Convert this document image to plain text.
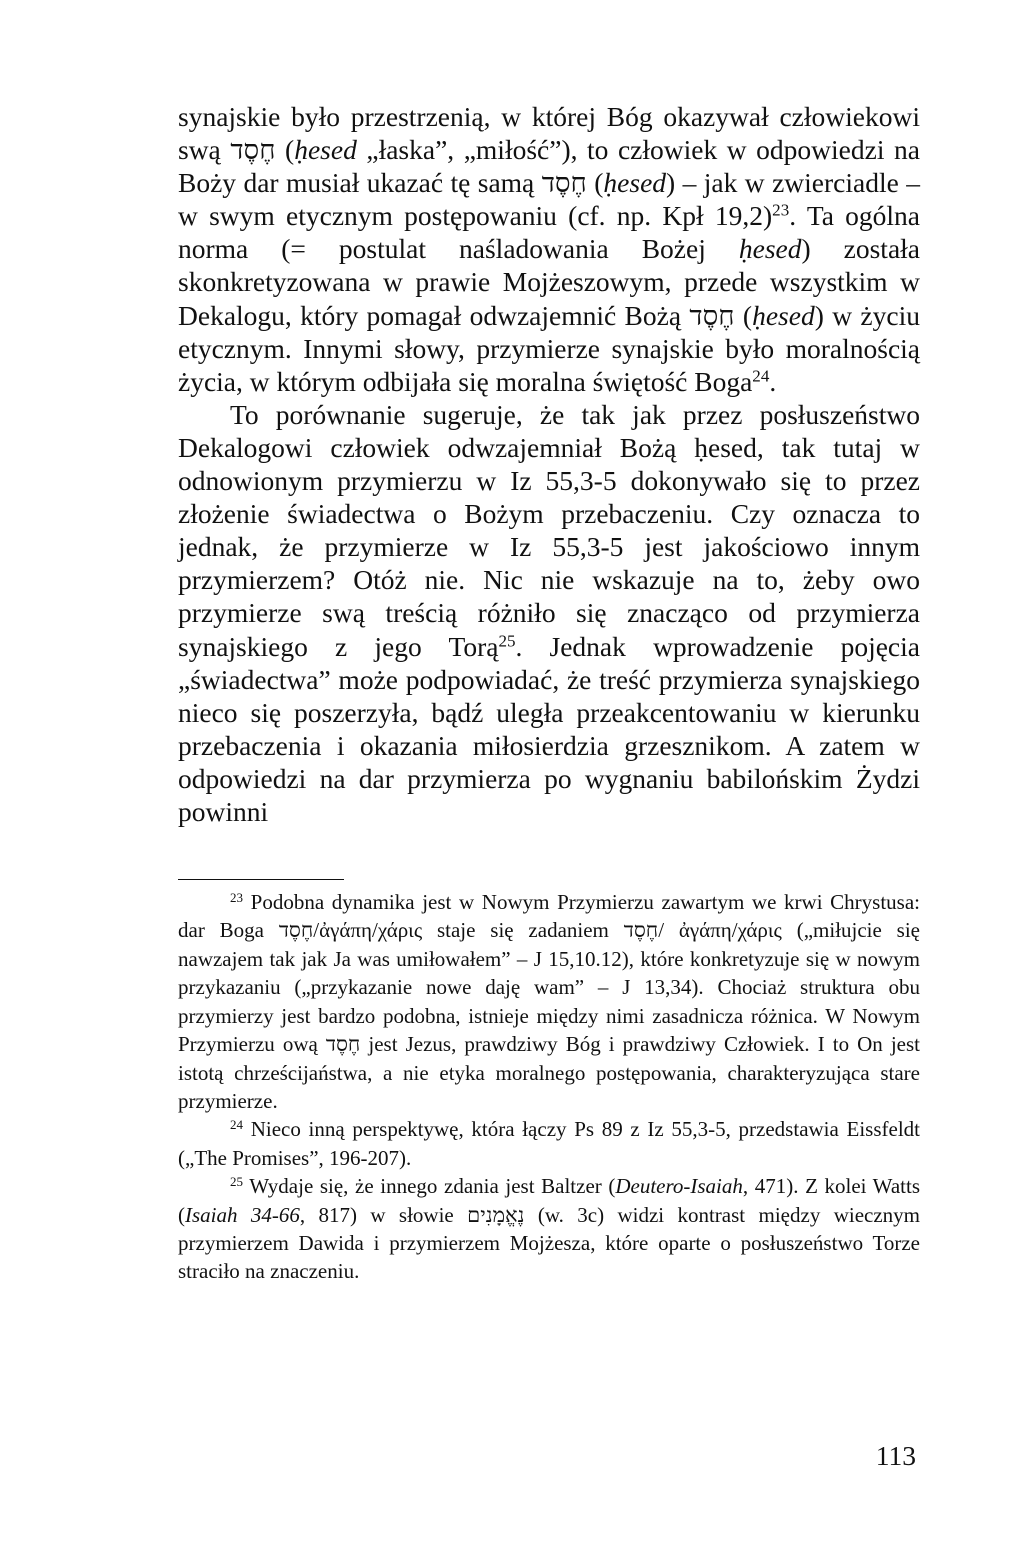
synajskie było przestrzenią, w której Bóg okazywał człowiekowi swą חֶסֶד (ḥesed „łaska”, „miłość”), to człowiek w odpowiedzi na Boży dar musiał ukazać tę samą חֶסֶד (ḥesed) – jak w zwierciadle – w swym etycznym postępowaniu (cf. np. Kpł 19,2)$^{23}$. Ta ogólna norma (= postulat naśladowania Bożej ḥesed) została skonkretyzowana w prawie Mojżeszowym, przede wszystkim w Dekalogu, który pomagał odwzajemnić Bożą חֶסֶד (ḥesed) w życiu etycznym. Innymi słowy, przymierze synajskie było moralnością życia, w którym odbijała się moralna świętość Boga$^{24}$.

To porównanie sugeruje, że tak jak przez posłuszeństwo Dekalogowi człowiek odwzajemniał Bożą ḥesed, tak tutaj w odnowionym przymierzu w Iz 55,3-5 dokonywało się to przez złożenie świadectwa o Bożym przebaczeniu. Czy oznacza to jednak, że przymierze w Iz 55,3-5 jest jakościowo innym przymierzem? Otóż nie. Nic nie wskazuje na to, żeby owo przymierze swą treścią różniło się znacząco od przymierza synajskiego z jego Torą$^{25}$. Jednak wprowadzenie pojęcia „świadectwa” może podpowiadać, że treść przymierza synajskiego nieco się poszerzyła, bądź uległa przeakcentowaniu w kierunku przebaczenia i okazania miłosierdzia grzesznikom. A zatem w odpowiedzi na dar przymierza po wygnaniu babilońskim Żydzi powinni

$^{23}$ Podobna dynamika jest w Nowym Przymierzu zawartym we krwi Chrystusa: dar Boga חֶסֶד/ἀγάπη/χάρις staje się zadaniem חֶסֶד/ ἀγάπη/χάρις („miłujcie się nawzajem tak jak Ja was umiłowałem” – J 15,10.12), które konkretyzuje się w nowym przykazaniu („przykazanie nowe daję wam” – J 13,34). Chociaż struktura obu przymierzy jest bardzo podobna, istnieje między nimi zasadnicza różnica. W Nowym Przymierzu ową חֶסֶד jest Jezus, prawdziwy Bóg i prawdziwy Człowiek. I to On jest istotą chrześcijaństwa, a nie etyka moralnego postępowania, charakteryzująca stare przymierze.

$^{24}$ Nieco inną perspektywę, która łączy Ps 89 z Iz 55,3-5, przedstawia Eissfeldt („The Promises”, 196-207).

$^{25}$ Wydaje się, że innego zdania jest Baltzer (Deutero-Isaiah, 471). Z kolei Watts (Isaiah 34-66, 817) w słowie נֶאֱמָנִים (w. 3c) widzi kontrast między wiecznym przymierzem Dawida i przymierzem Mojżesza, które oparte o posłuszeństwo Torze straciło na znaczeniu.

113
